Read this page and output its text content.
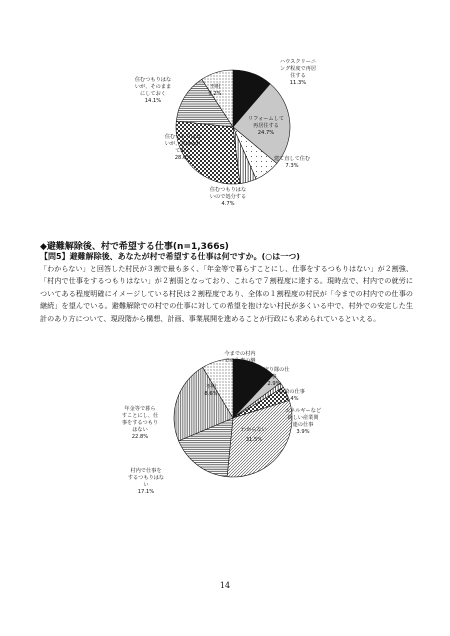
ハウスクリーニング程度で再居住する 11.3%
リフォームして再居住する 24.7%
建て直して住む 7.3%
住むつもりはないので処分する 4.7%
住むつもりはないが、手は入れておく 28.6%
住むつもりはないが、そのままにしておく 14.1%
不明 9.2%
今までの村内での仕事の継続 12.0%
見守り隊の仕事 2.9%
除染の仕事 1.4%
エネルギーなど新しい産業関連の仕事 3.9%
わからない 31.5%
村内で仕事をするつもりはない 17.1%
年金等で暮らすことにし、仕事をするつもりはない 22.8%
不明 8.6%
◆避難解除後、村で希望する仕事(n=1,366s)
【問5】避難解除後、あなたが村で希望する仕事は何ですか。(○は一つ)
「わからない」と回答した村民が３割で最も多く、「年金等で暮らすことにし、仕事をするつもりはない」が２割強、「村内で仕事をするつもりはない」が２割弱となっており、これらで７割程度に達する。現時点で、村内での就労についてある程度明確にイメージしている村民は２割程度であり、全体の１割程度の村民が「今までの村内での仕事の継続」を望んでいる。避難解除での村での仕事に対しての希望を抱けない村民が多くいる中で、村外での安定した生計のあり方について、現段階から構想、計画、事業展開を進めることが行政にも求められているといえる。
14
